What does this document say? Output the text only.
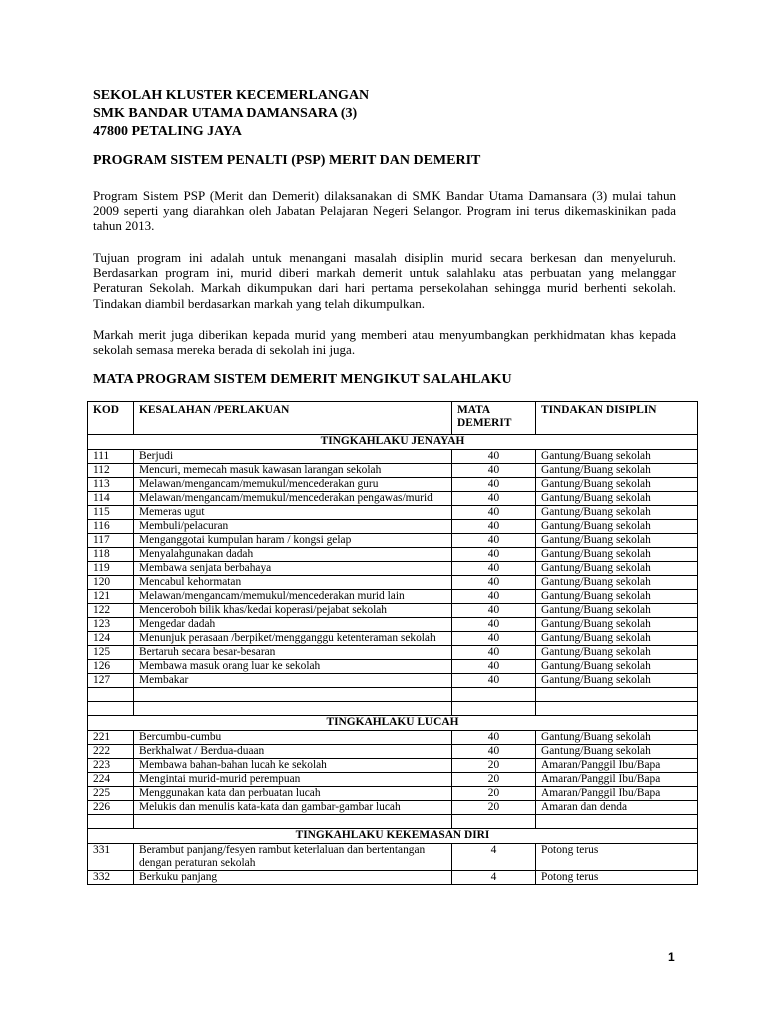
SEKOLAH KLUSTER KECEMERLANGAN
SMK BANDAR UTAMA DAMANSARA (3)
47800 PETALING JAYA
PROGRAM SISTEM PENALTI (PSP) MERIT DAN DEMERIT
Program Sistem PSP (Merit dan Demerit) dilaksanakan di SMK Bandar Utama Damansara (3) mulai tahun 2009 seperti yang diarahkan oleh Jabatan Pelajaran Negeri Selangor. Program ini terus dikemaskinikan pada tahun 2013.
Tujuan program ini adalah untuk menangani masalah disiplin murid secara berkesan dan menyeluruh. Berdasarkan program ini, murid diberi markah demerit untuk salahlaku atas perbuatan yang melanggar Peraturan Sekolah. Markah dikumpukan dari hari pertama persekolahan sehingga murid berhenti sekolah. Tindakan diambil berdasarkan markah yang telah dikumpulkan.
Markah merit juga diberikan kepada murid yang memberi atau menyumbangkan perkhidmatan khas kepada sekolah semasa mereka berada di sekolah ini juga.
MATA PROGRAM SISTEM DEMERIT MENGIKUT SALAHLAKU
KOD	KESALAHAN /PERLAKUAN	MATA DEMERIT	TINDAKAN DISIPLIN
TINGKAHLAKU JENAYAH			
111	Berjudi	40	Gantung/Buang sekolah
112	Mencuri, memecah masuk kawasan larangan sekolah	40	Gantung/Buang sekolah
113	Melawan/mengancam/memukul/mencederakan guru	40	Gantung/Buang sekolah
114	Melawan/mengancam/memukul/mencederakan pengawas/murid	40	Gantung/Buang sekolah
115	Memeras ugut	40	Gantung/Buang sekolah
116	Membuli/pelacuran	40	Gantung/Buang sekolah
117	Menganggotai kumpulan haram / kongsi gelap	40	Gantung/Buang sekolah
118	Menyalahgunakan dadah	40	Gantung/Buang sekolah
119	Membawa senjata berbahaya	40	Gantung/Buang sekolah
120	Mencabul kehormatan	40	Gantung/Buang sekolah
121	Melawan/mengancam/memukul/mencederakan murid lain	40	Gantung/Buang sekolah
122	Menceroboh bilik khas/kedai koperasi/pejabat sekolah	40	Gantung/Buang sekolah
123	Mengedar dadah	40	Gantung/Buang sekolah
124	Menunjuk perasaan /berpiket/mengganggu ketenteraman sekolah	40	Gantung/Buang sekolah
125	Bertaruh secara besar-besaran	40	Gantung/Buang sekolah
126	Membawa masuk orang luar ke sekolah	40	Gantung/Buang sekolah
127	Membakar	40	Gantung/Buang sekolah

TINGKAHLAKU LUCAH			
221	Bercumbu-cumbu	40	Gantung/Buang sekolah
222	Berkhalwat / Berdua-duaan	40	Gantung/Buang sekolah
223	Membawa bahan-bahan lucah ke sekolah	20	Amaran/Panggil Ibu/Bapa
224	Mengintai murid-murid perempuan	20	Amaran/Panggil Ibu/Bapa
225	Menggunakan kata dan perbuatan lucah	20	Amaran/Panggil Ibu/Bapa
226	Melukis dan menulis kata-kata dan gambar-gambar lucah	20	Amaran dan denda

TINGKAHLAKU KEKEMASAN DIRI			
331	Berambut panjang/fesyen rambut keterlaluan dan bertentangan dengan peraturan sekolah	4	Potong terus
332	Berkuku panjang	4	Potong terus
1
